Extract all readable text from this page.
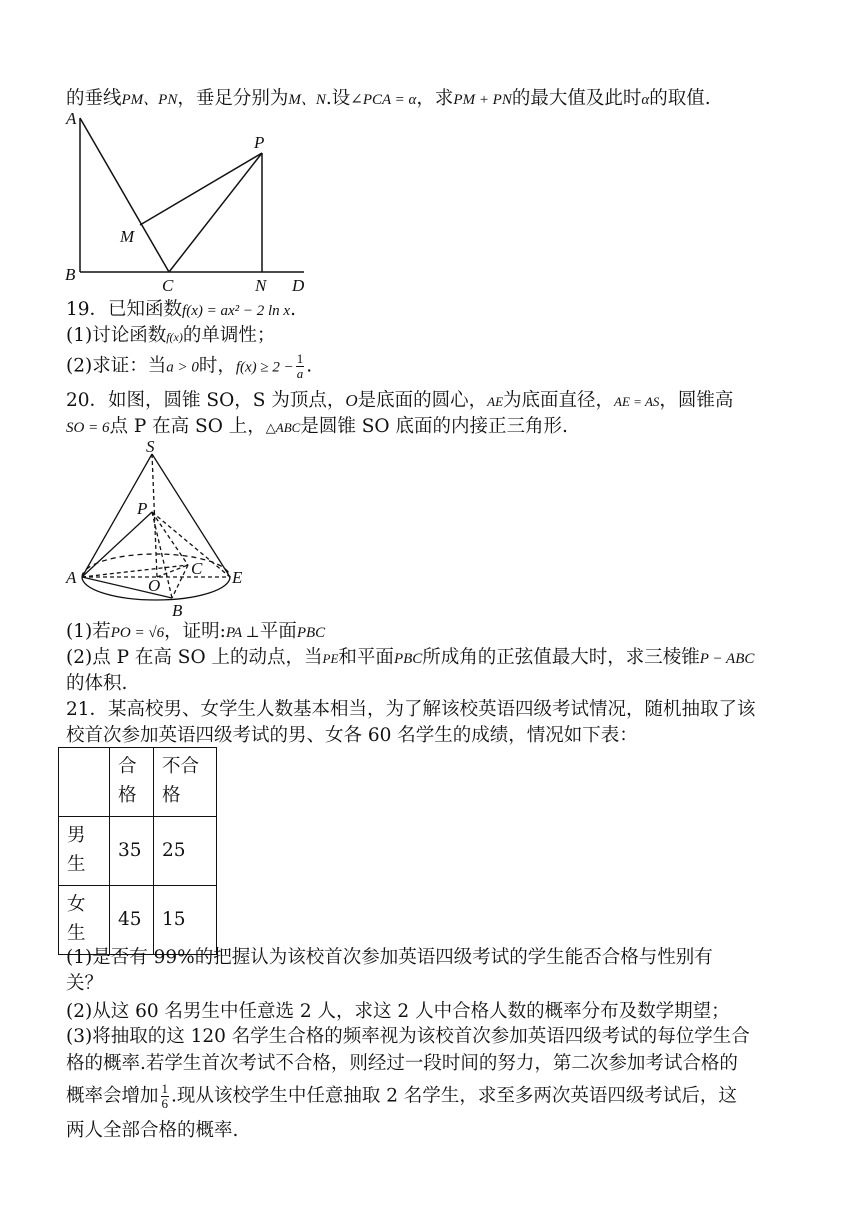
的垂线PM、PN，垂足分别为M、N.设∠PCA = α，求PM + PN的最大值及此时α的取值.
A
B
C	D
M
N
P
19．已知函数f(x) = ax² − 2 ln x.
(1)讨论函数f(x)的单调性；
(2)求证：当a > 0时，$f(x) \ge 2 - \frac{1}{a}$ .
20．如图，圆锥 SO，S 为顶点，O是底面的圆心，AE为底面直径，AE = AS，圆锥高
SO = 6点 P 在高 SO 上，△ABC是圆锥 SO 底面的内接正三角形.
S
P
A	E
C
O
B
(1)若PO = √6，证明:PA ⊥平面PBC
(2)点 P 在高 SO 上的动点，当PE和平面PBC所成角的正弦值最大时，求三棱锥P − ABC
的体积.
21．某高校男、女学生人数基本相当，为了解该校英语四级考试情况，随机抽取了该
校首次参加英语四级考试的男、女各 60 名学生的成绩，情况如下表：

	合格	不合格

男生	35	25

女生	45	15
(1)是否有 99%的把握认为该校首次参加英语四级考试的学生能否合格与性别有
关？
(2)从这 60 名男生中任意选 2 人，求这 2 人中合格人数的概率分布及数学期望；
(3)将抽取的这 120 名学生合格的频率视为该校首次参加英语四级考试的每位学生合
格的概率.若学生首次考试不合格，则经过一段时间的努力，第二次参加考试合格的
概率会增加 $\frac{1}{6}$ .现从该校学生中任意抽取 2 名学生，求至多两次英语四级考试后，这
两人全部合格的概率.
